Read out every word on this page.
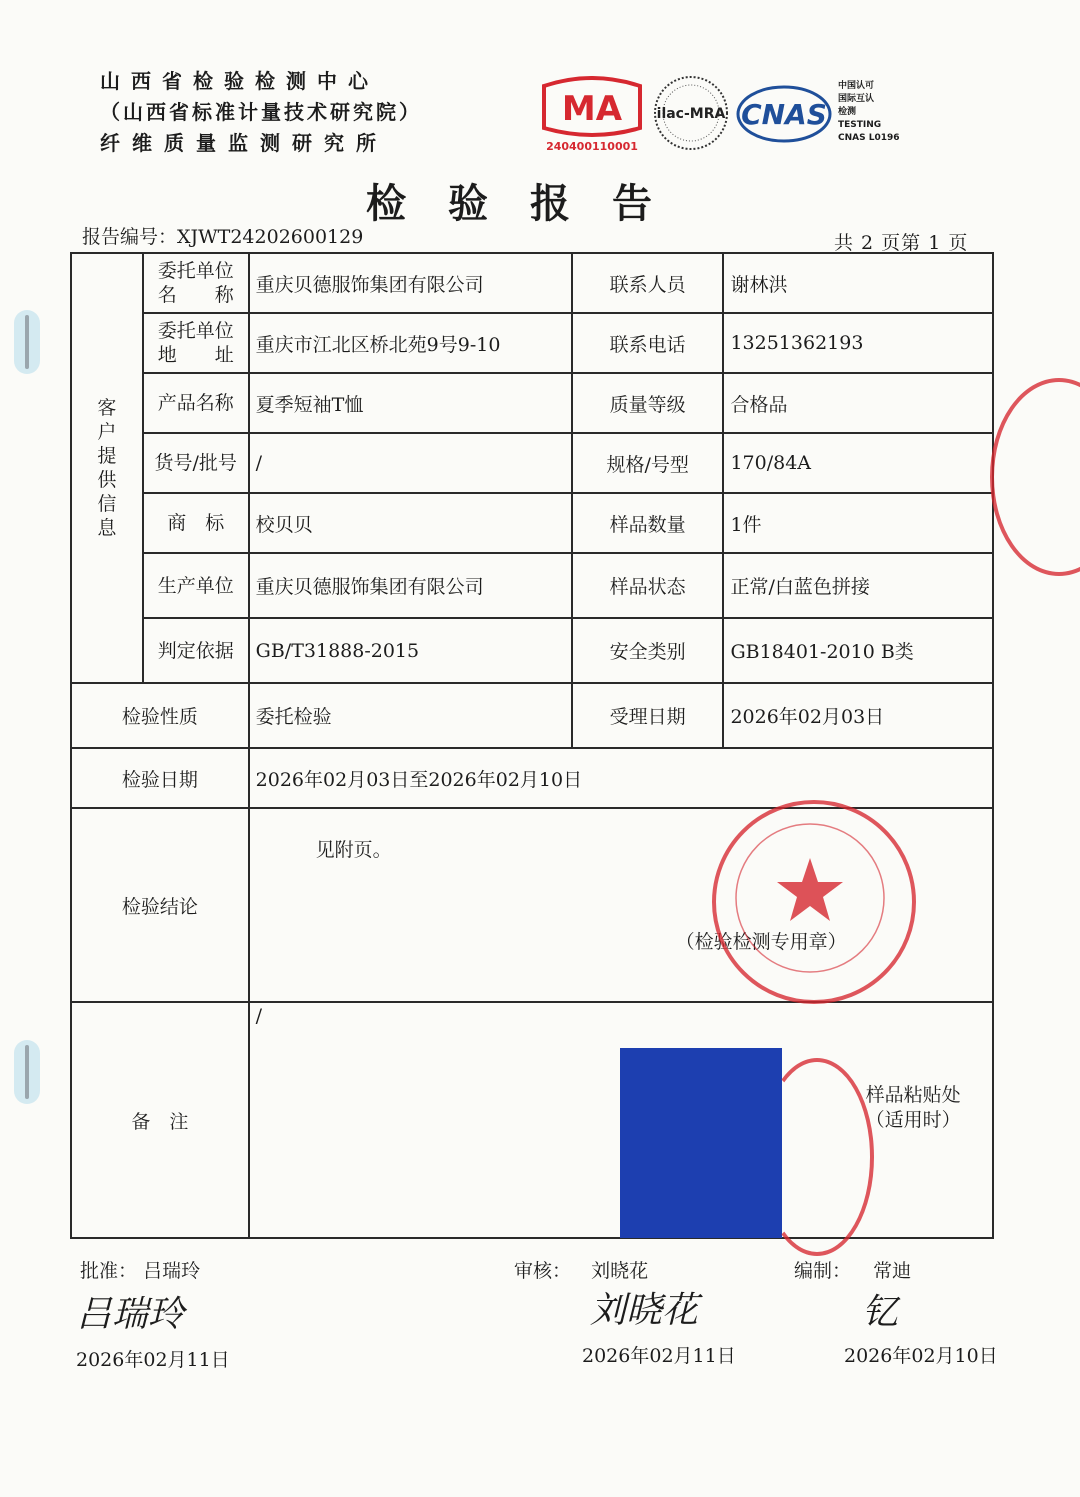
山西省检验检测中心
（山西省标准计量技术研究院）
纤维质量监测研究所
MA
240400110001
ilac-MRA CNAS
中国认可
国际互认
检测
TESTING
CNAS L0196
检验报告
报告编号：XJWT24202600129	共 2 页第 1 页
客户提供信息	委托单位
名　　称	重庆贝德服饰集团有限公司	联系人员	谢林洪

	委托单位
地　　址	重庆市江北区桥北苑9号9-10	联系电话	13251362193
	产品名称	夏季短袖T恤	质量等级	合格品
	货号/批号	/	规格/号型	170/84A
	商　标	校贝贝	样品数量	1件
	生产单位	重庆贝德服饰集团有限公司	样品状态	正常/白蓝色拼接
	判定依据	GB/T31888-2015	安全类别	GB18401-2010 B类
检验性质		委托检验	受理日期	2026年02月03日
检验日期		2026年02月03日至2026年02月10日		
检验结论		见附页。
（检验检测专用章）		

备　注		/
样品粘贴处
（适用时）		
批准： 吕瑞玲	审核： 刘晓花	编制： 常迪
吕瑞玲	刘晓花	钇
2026年02月11日	2026年02月11日	2026年02月10日
